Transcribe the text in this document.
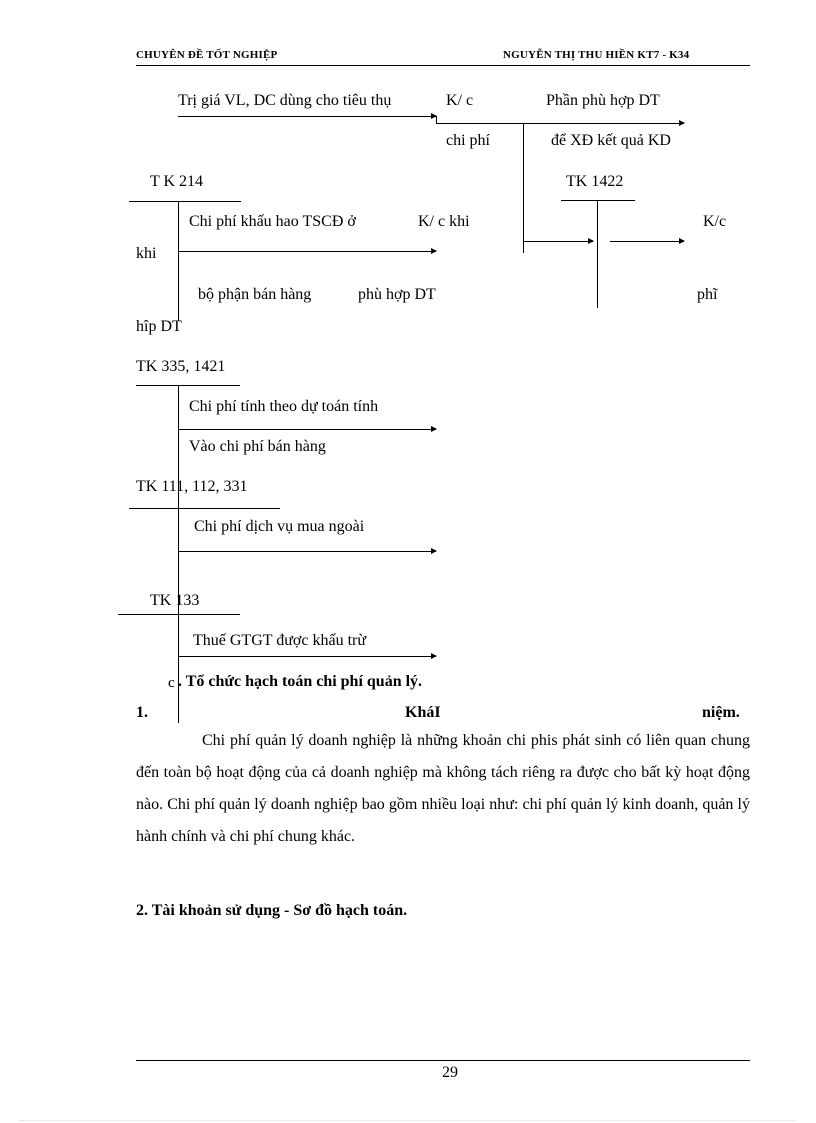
CHUYÊN ĐỀ TỐT NGHIỆP	NGUYỄN THỊ THU HIỀN KT7 - K34
Trị giá VL, DC dùng cho tiêu thụ	K/ c	Phần phù hợp DT
chi phí	để XĐ kết quả KD
T K 214	TK 1422
Chi phí khấu hao TSCĐ ở	K/ c khi	K/c
khi
bộ phận bán hàng	phù hợp DT	phĩ
hîp DT
TK 335, 1421
Chi phí tính theo dự toán tính
Vào chi phí bán hàng
TK 111, 112, 331
Chi phí dịch vụ mua ngoài
TK 133
Thuế GTGT được khấu trừ
c . Tổ chức hạch toán chi phí quản lý.
1.	KháI	niệm.
Chi phí quản lý doanh nghiệp là những khoản chi phis phát sinh có liên quan chung đến toàn bộ hoạt động của cả doanh nghiệp mà không tách riêng ra được cho bất kỳ hoạt động nào. Chi phí quản lý doanh nghiệp bao gồm nhiều loại như: chi phí quản lý kinh doanh, quản lý hành chính và chi phí chung khác.
2. Tài khoản sử dụng - Sơ đồ hạch toán.
29
